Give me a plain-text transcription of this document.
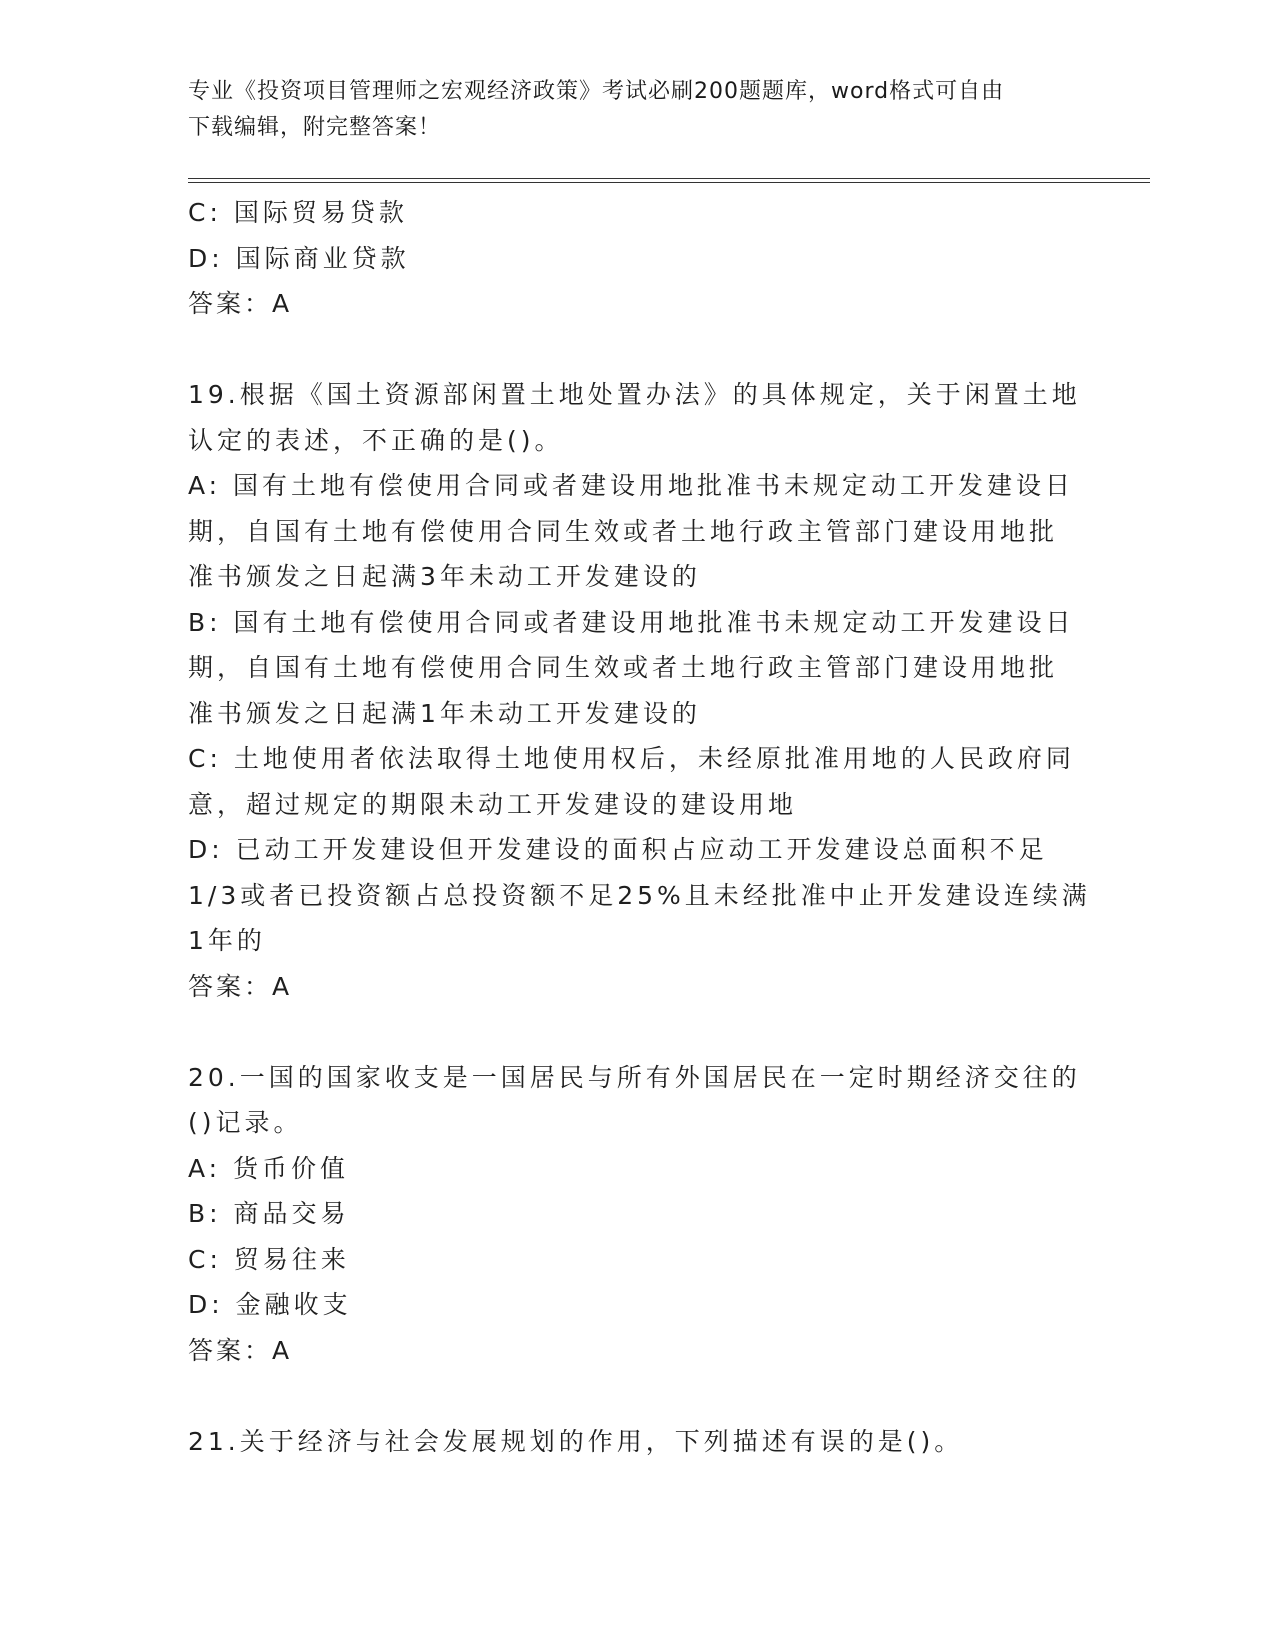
专业《投资项目管理师之宏观经济政策》考试必刷200题题库，word格式可自由
下载编辑，附完整答案！
C: 国际贸易贷款
D: 国际商业贷款
答案：A
19.根据《国土资源部闲置土地处置办法》的具体规定，关于闲置土地
认定的表述，不正确的是()。
A: 国有土地有偿使用合同或者建设用地批准书未规定动工开发建设日
期，自国有土地有偿使用合同生效或者土地行政主管部门建设用地批
准书颁发之日起满3年未动工开发建设的
B: 国有土地有偿使用合同或者建设用地批准书未规定动工开发建设日
期，自国有土地有偿使用合同生效或者土地行政主管部门建设用地批
准书颁发之日起满1年未动工开发建设的
C: 土地使用者依法取得土地使用权后，未经原批准用地的人民政府同
意，超过规定的期限未动工开发建设的建设用地
D: 已动工开发建设但开发建设的面积占应动工开发建设总面积不足
1/3或者已投资额占总投资额不足25%且未经批准中止开发建设连续满
1年的
答案：A
20.一国的国家收支是一国居民与所有外国居民在一定时期经济交往的
()记录。
A: 货币价值
B: 商品交易
C: 贸易往来
D: 金融收支
答案：A
21.关于经济与社会发展规划的作用，下列描述有误的是()。
